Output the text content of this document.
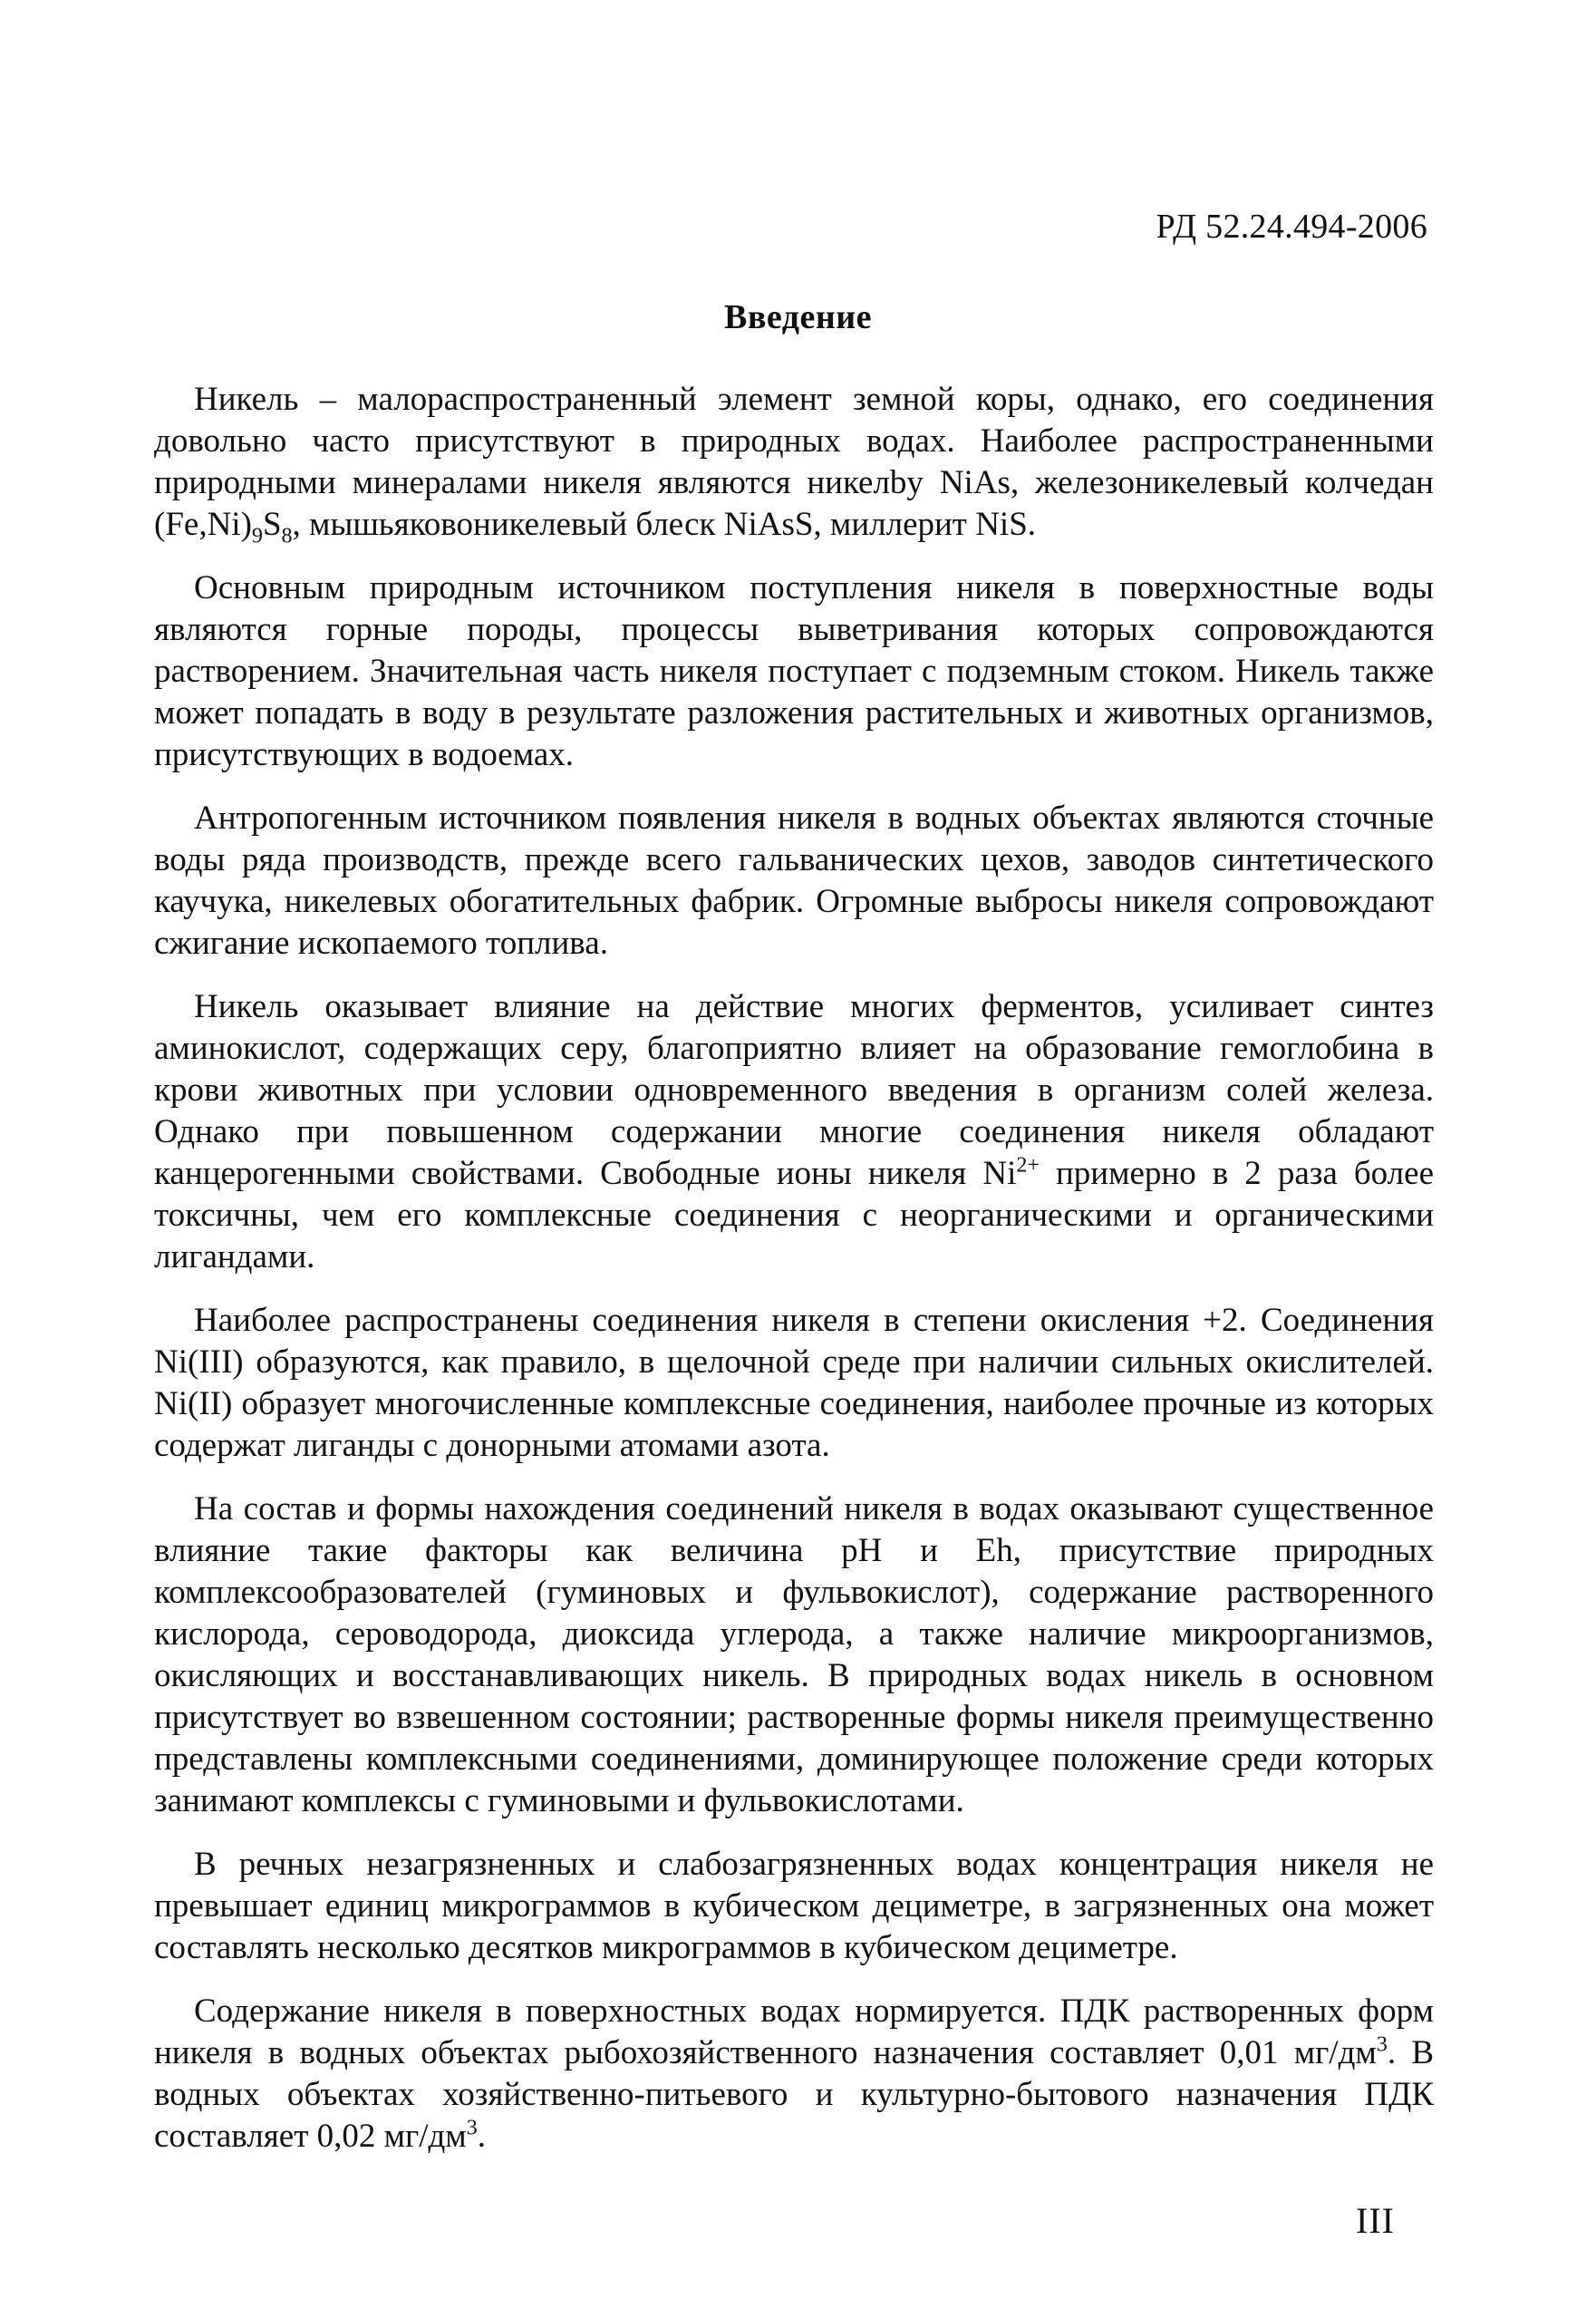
РД 52.24.494-2006
Введение

Никель – малораспространенный элемент земной коры, однако, его соединения довольно часто присутствуют в природных водах. Наиболее распространенными природными минералами никеля являются никелby NiAs, железоникелевый колчедан $(Fe,Ni)_9S_8$, мышьяковоникелевый блеск NiAsS, миллерит NiS.

Основным природным источником поступления никеля в поверхностные воды являются горные породы, процессы выветривания которых сопровождаются растворением. Значительная часть никеля поступает с подземным стоком. Никель также может попадать в воду в результате разложения растительных и животных организмов, присутствующих в водоемах.

Антропогенным источником появления никеля в водных объектах являются сточные воды ряда производств, прежде всего гальванических цехов, заводов синтетического каучука, никелевых обогатительных фабрик. Огромные выбросы никеля сопровождают сжигание ископаемого топлива.

Никель оказывает влияние на действие многих ферментов, усиливает синтез аминокислот, содержащих серу, благоприятно влияет на образование гемоглобина в крови животных при условии одновременного введения в организм солей железа. Однако при повышенном содержании многие соединения никеля обладают канцерогенными свойствами. Свободные ионы никеля $Ni^{2+}$ примерно в 2 раза более токсичны, чем его комплексные соединения с неорганическими и органическими лигандами.

Наиболее распространены соединения никеля в степени окисления +2. Соединения Ni(III) образуются, как правило, в щелочной среде при наличии сильных окислителей. Ni(II) образует многочисленные комплексные соединения, наиболее прочные из которых содержат лиганды с донорными атомами азота.

На состав и формы нахождения соединений никеля в водах оказывают существенное влияние такие факторы как величина pH и Eh, присутствие природных комплексообразователей (гуминовых и фульвокислот), содержание растворенного кислорода, сероводорода, диоксида углерода, а также наличие микроорганизмов, окисляющих и восстанавливающих никель. В природных водах никель в основном присутствует во взвешенном состоянии; растворенные формы никеля преимущественно представлены комплексными соединениями, доминирующее положение среди которых занимают комплексы с гуминовыми и фульвокислотами.

В речных незагрязненных и слабозагрязненных водах концентрация никеля не превышает единиц микрограммов в кубическом дециметре, в загрязненных она может составлять несколько десятков микрограммов в кубическом дециметре.

Содержание никеля в поверхностных водах нормируется. ПДК растворенных форм никеля в водных объектах рыбохозяйственного назначения составляет 0,01 $мг/дм^3$. В водных объектах хозяйственно-питьевого и культурно-бытового назначения ПДК составляет 0,02 $мг/дм^3$.

III
